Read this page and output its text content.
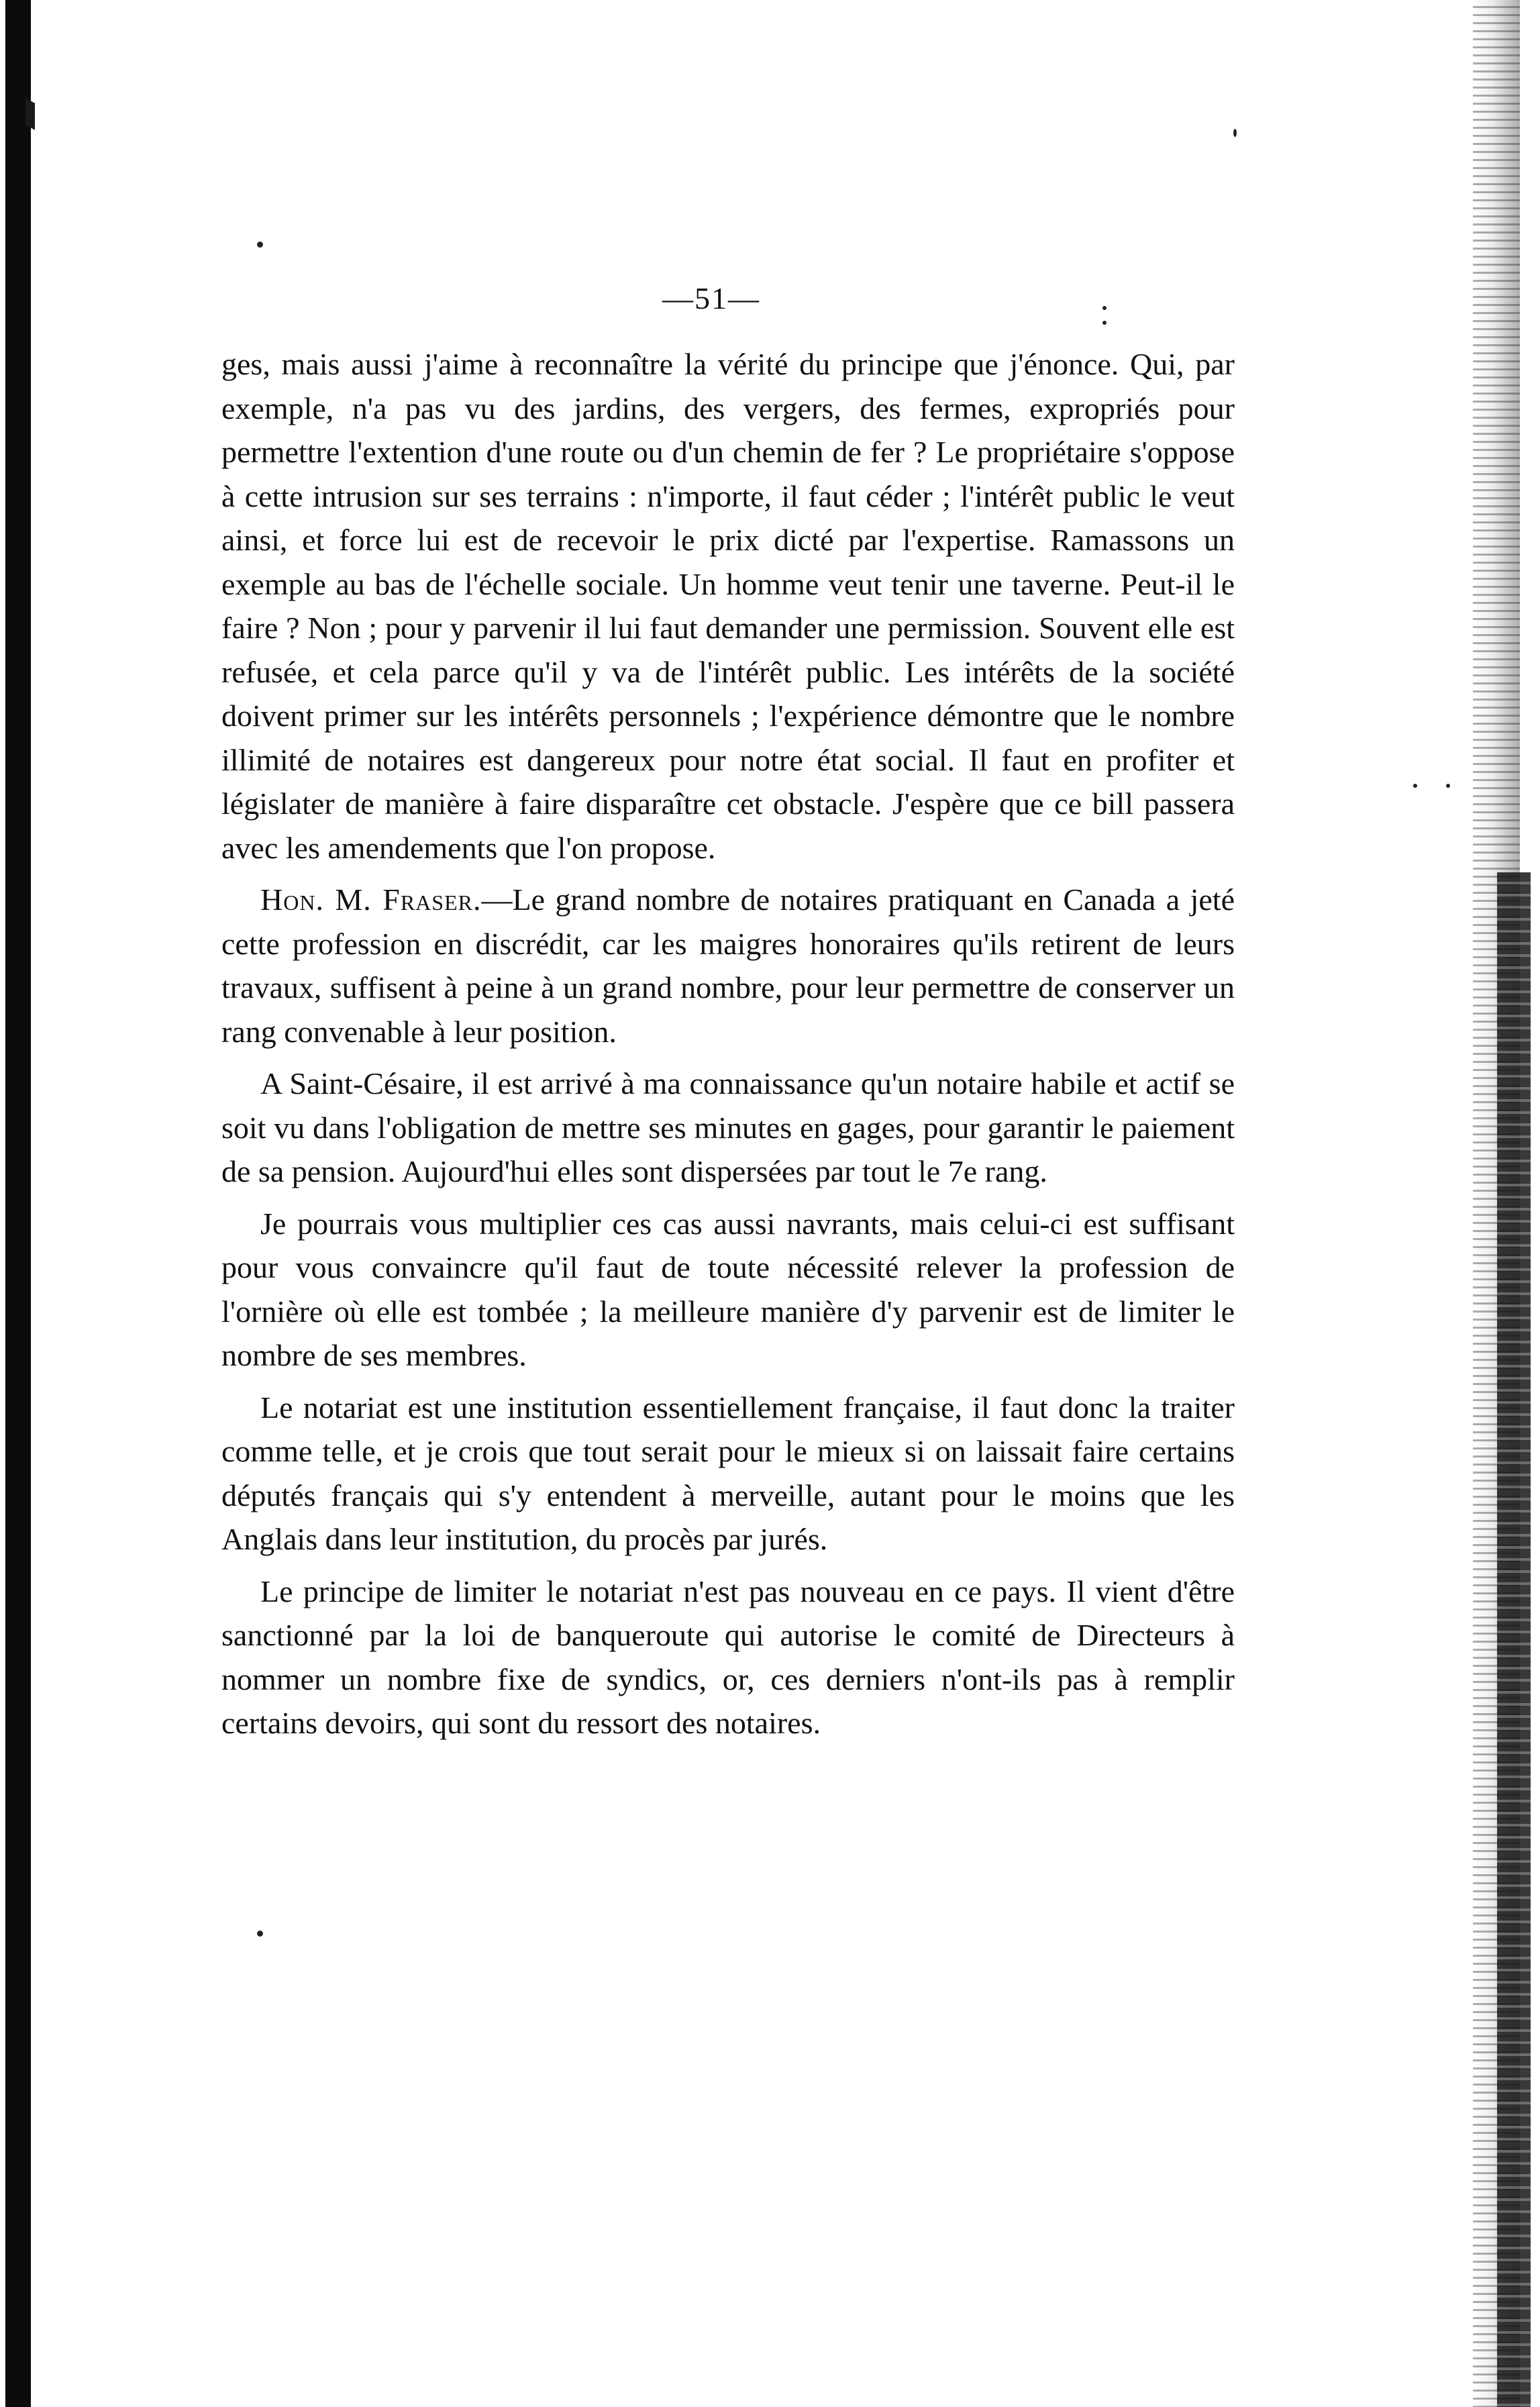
—51—

ges, mais aussi j'aime à reconnaître la vérité du principe que j'énonce. Qui, par exemple, n'a pas vu des jardins, des vergers, des fermes, expropriés pour permettre l'extention d'une route ou d'un chemin de fer ? Le propriétaire s'oppose à cette intrusion sur ses terrains : n'importe, il faut céder ; l'intérêt public le veut ainsi, et force lui est de recevoir le prix dicté par l'expertise. Ramassons un exemple au bas de l'échelle sociale. Un homme veut tenir une taverne. Peut-il le faire ? Non ; pour y parvenir il lui faut demander une permission. Souvent elle est refusée, et cela parce qu'il y va de l'intérêt public. Les intérêts de la société doivent primer sur les intérêts personnels ; l'expérience démontre que le nombre illimité de notaires est dangereux pour notre état social. Il faut en profiter et législater de manière à faire disparaître cet obstacle. J'espère que ce bill passera avec les amendements que l'on propose.

Hon. M. Fraser.—Le grand nombre de notaires pratiquant en Canada a jeté cette profession en discrédit, car les maigres honoraires qu'ils retirent de leurs travaux, suffisent à peine à un grand nombre, pour leur permettre de conserver un rang convenable à leur position.

A Saint-Césaire, il est arrivé à ma connaissance qu'un notaire habile et actif se soit vu dans l'obligation de mettre ses minutes en gages, pour garantir le paiement de sa pension. Aujourd'hui elles sont dispersées par tout le 7e rang.

Je pourrais vous multiplier ces cas aussi navrants, mais celui-ci est suffisant pour vous convaincre qu'il faut de toute nécessité relever la profession de l'ornière où elle est tombée ; la meilleure manière d'y parvenir est de limiter le nombre de ses membres.

Le notariat est une institution essentiellement française, il faut donc la traiter comme telle, et je crois que tout serait pour le mieux si on laissait faire certains députés français qui s'y entendent à merveille, autant pour le moins que les Anglais dans leur institution, du procès par jurés.

Le principe de limiter le notariat n'est pas nouveau en ce pays. Il vient d'être sanctionné par la loi de banqueroute qui autorise le comité de Directeurs à nommer un nombre fixe de syndics, or, ces derniers n'ont-ils pas à remplir certains devoirs, qui sont du ressort des notaires.
